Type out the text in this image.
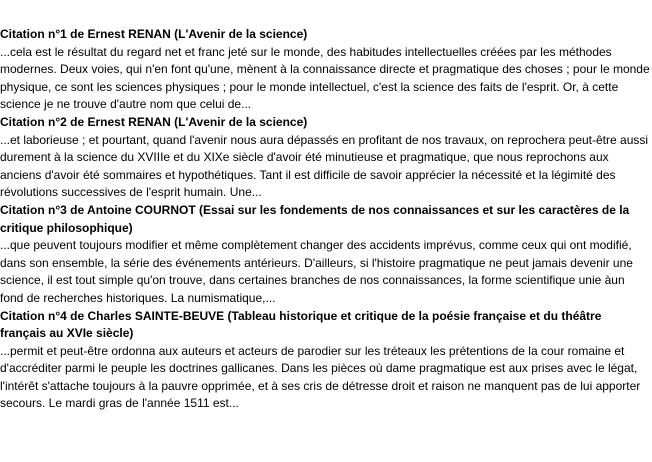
Citation n°1 de Ernest RENAN (L'Avenir de la science)
...cela est le résultat du regard net et franc jeté sur le monde, des habitudes intellectuelles créées par les méthodes modernes. Deux voies, qui n'en font qu'une, mènent à la connaissance directe et pragmatique des choses ; pour le monde physique, ce sont les sciences physiques ; pour le monde intellectuel, c'est la science des faits de l'esprit. Or, à cette science je ne trouve d'autre nom que celui de...
Citation n°2 de Ernest RENAN (L'Avenir de la science)
...et laborieuse ; et pourtant, quand l'avenir nous aura dépassés en profitant de nos travaux, on reprochera peut-être aussi durement à la science du XVIIIe et du XIXe siècle d'avoir été minutieuse et pragmatique, que nous reprochons aux anciens d'avoir été sommaires et hypothétiques. Tant il est difficile de savoir apprécier la nécessité et la légimité des révolutions successives de l'esprit humain. Une...
Citation n°3 de Antoine COURNOT (Essai sur les fondements de nos connaissances et sur les caractères de la critique philosophique)
...que peuvent toujours modifier et même complètement changer des accidents imprévus, comme ceux qui ont modifié, dans son ensemble, la série des événements antérieurs. D'ailleurs, si l'histoire pragmatique ne peut jamais devenir une science, il est tout simple qu'on trouve, dans certaines branches de nos connaissances, la forme scientifique unie àun fond de recherches historiques. La numismatique,...
Citation n°4 de Charles SAINTE-BEUVE (Tableau historique et critique de la poésie française et du théâtre français au XVIe siècle)
...permit et peut-être ordonna aux auteurs et acteurs de parodier sur les tréteaux les prétentions de la cour romaine et d'accréditer parmi le peuple les doctrines gallicanes. Dans les pièces où dame pragmatique est aux prises avec le légat, l'intérêt s'attache toujours à la pauvre opprimée, et à ses cris de détresse droit et raison ne manquent pas de lui apporter secours. Le mardi gras de l'année 1511 est...
